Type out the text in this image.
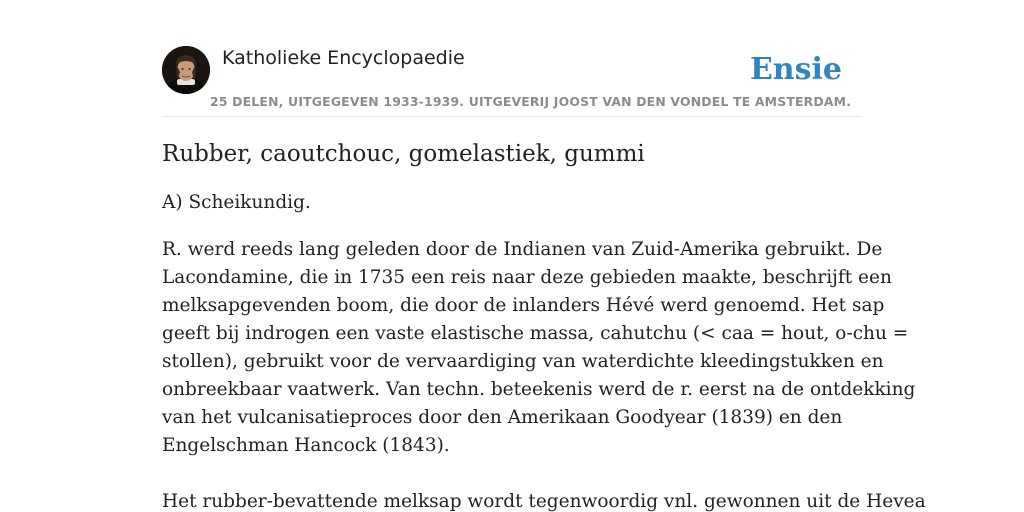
Katholieke Encyclopaedie	Ensie
25 DELEN, UITGEGEVEN 1933-1939. UITGEVERIJ JOOST VAN DEN VONDEL TE AMSTERDAM.
Rubber, caoutchouc, gomelastiek, gummi

A) Scheikundig.

R. werd reeds lang geleden door de Indianen van Zuid-Amerika gebruikt. De
Lacondamine, die in 1735 een reis naar deze gebieden maakte, beschrijft een
melksapgevenden boom, die door de inlanders Hévé werd genoemd. Het sap
geeft bij indrogen een vaste elastische massa, cahutchu (< caa = hout, o-chu =
stollen), gebruikt voor de vervaardiging van waterdichte kleedingstukken en
onbreekbaar vaatwerk. Van techn. beteekenis werd de r. eerst na de ontdekking
van het vulcanisatieproces door den Amerikaan Goodyear (1839) en den
Engelschman Hancock (1843).

Het rubber-bevattende melksap wordt tegenwoordig vnl. gewonnen uit de Hevea
